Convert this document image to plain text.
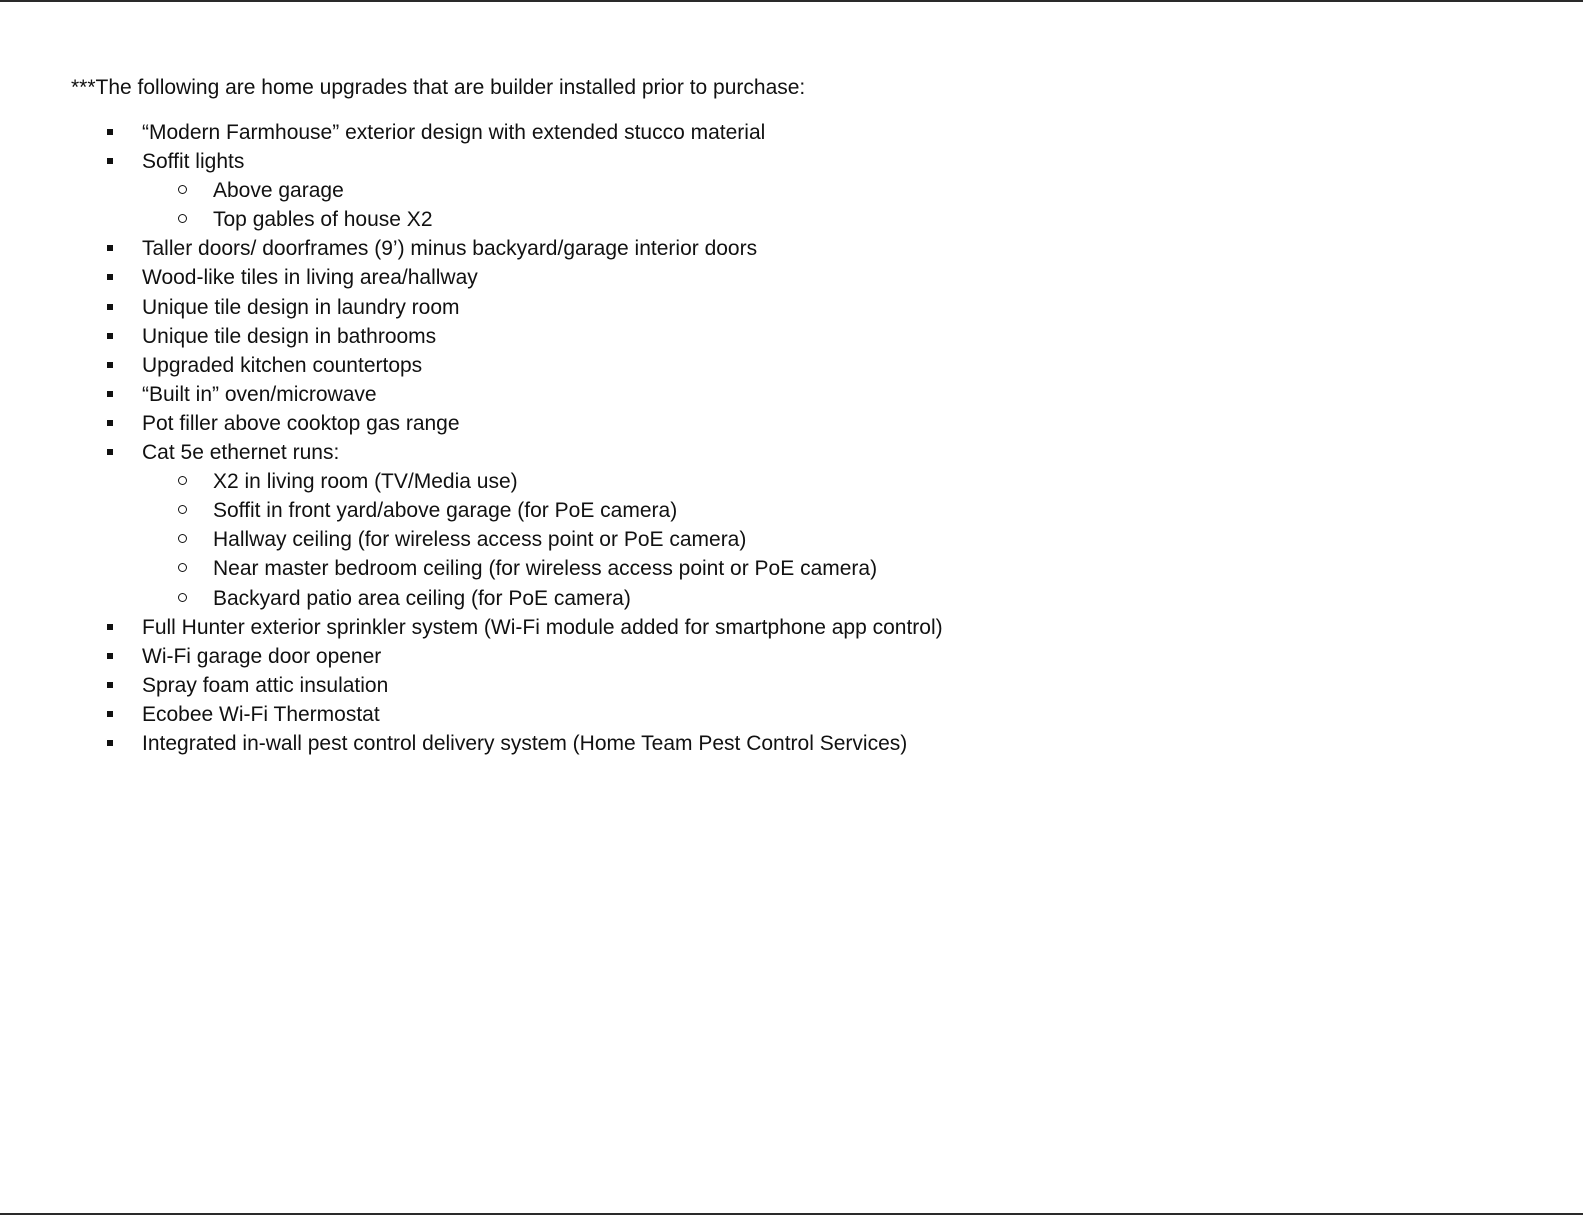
***The following are home upgrades that are builder installed prior to purchase:
“Modern Farmhouse” exterior design with extended stucco material
Soffit lights
Above garage
Top gables of house X2
Taller doors/ doorframes (9’) minus backyard/garage interior doors
Wood-like tiles in living area/hallway
Unique tile design in laundry room
Unique tile design in bathrooms
Upgraded kitchen countertops
“Built in” oven/microwave
Pot filler above cooktop gas range
Cat 5e ethernet runs:
X2 in living room (TV/Media use)
Soffit in front yard/above garage (for PoE camera)
Hallway ceiling (for wireless access point or PoE camera)
Near master bedroom ceiling (for wireless access point or PoE camera)
Backyard patio area ceiling (for PoE camera)
Full Hunter exterior sprinkler system (Wi-Fi module added for smartphone app control)
Wi-Fi garage door opener
Spray foam attic insulation
Ecobee Wi-Fi Thermostat
Integrated in-wall pest control delivery system (Home Team Pest Control Services)
